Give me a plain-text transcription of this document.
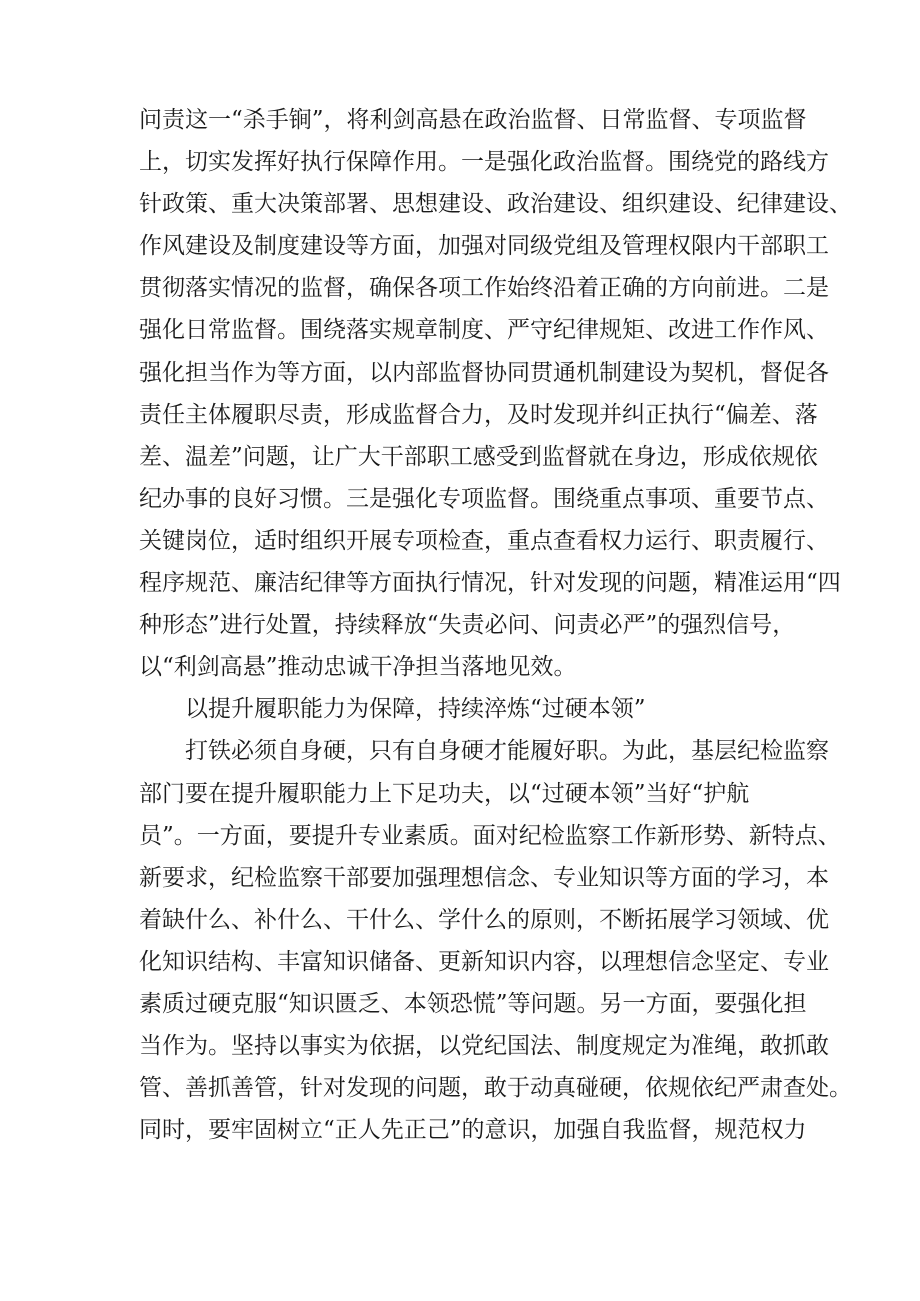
问责这一“杀手锏”，将利剑高悬在政治监督、日常监督、专项监督
上，切实发挥好执行保障作用。一是强化政治监督。围绕党的路线方
针政策、重大决策部署、思想建设、政治建设、组织建设、纪律建设、
作风建设及制度建设等方面，加强对同级党组及管理权限内干部职工
贯彻落实情况的监督，确保各项工作始终沿着正确的方向前进。二是
强化日常监督。围绕落实规章制度、严守纪律规矩、改进工作作风、
强化担当作为等方面，以内部监督协同贯通机制建设为契机，督促各
责任主体履职尽责，形成监督合力，及时发现并纠正执行“偏差、落
差、温差”问题，让广大干部职工感受到监督就在身边，形成依规依
纪办事的良好习惯。三是强化专项监督。围绕重点事项、重要节点、
关键岗位，适时组织开展专项检查，重点查看权力运行、职责履行、
程序规范、廉洁纪律等方面执行情况，针对发现的问题，精准运用“四
种形态”进行处置，持续释放“失责必问、问责必严”的强烈信号，
以“利剑高悬”推动忠诚干净担当落地见效。
以提升履职能力为保障，持续淬炼“过硬本领”
打铁必须自身硬，只有自身硬才能履好职。为此，基层纪检监察
部门要在提升履职能力上下足功夫，以“过硬本领”当好“护航
员”。一方面，要提升专业素质。面对纪检监察工作新形势、新特点、
新要求，纪检监察干部要加强理想信念、专业知识等方面的学习，本
着缺什么、补什么、干什么、学什么的原则，不断拓展学习领域、优
化知识结构、丰富知识储备、更新知识内容，以理想信念坚定、专业
素质过硬克服“知识匮乏、本领恐慌”等问题。另一方面，要强化担
当作为。坚持以事实为依据，以党纪国法、制度规定为准绳，敢抓敢
管、善抓善管，针对发现的问题，敢于动真碰硬，依规依纪严肃查处。
同时，要牢固树立“正人先正己”的意识，加强自我监督，规范权力
